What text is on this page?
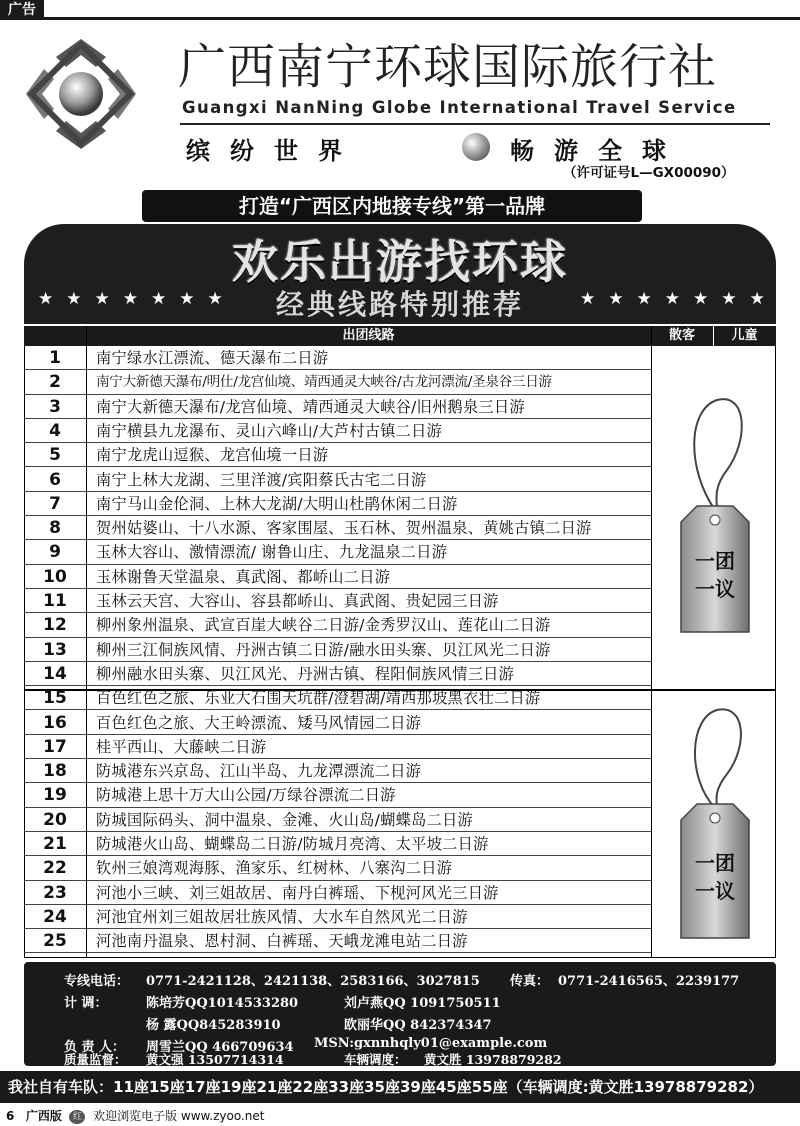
广告
广西南宁环球国际旅行社
Guangxi NanNing Globe International Travel Service
缤纷世界	畅游全球
（许可证号L—GX00090）
打造“广西区内地接专线”第一品牌
欢乐出游找环球
★★★★★★★	经典线路特别推荐	★★★★★★★
出团线路	散客	儿童
1	南宁绿水江漂流、德天瀑布二日游
2	南宁大新德天瀑布/明仕/龙宫仙境、靖西通灵大峡谷/古龙河漂流/圣泉谷三日游
3	南宁大新德天瀑布/龙宫仙境、靖西通灵大峡谷/旧州鹅泉三日游
4	南宁横县九龙瀑布、灵山六峰山/大芦村古镇二日游
5	南宁龙虎山逗猴、龙宫仙境一日游
6	南宁上林大龙湖、三里洋渡/宾阳蔡氏古宅二日游
7	南宁马山金伦洞、上林大龙湖/大明山杜鹃休闲二日游
8	贺州姑婆山、十八水源、客家围屋、玉石林、贺州温泉、黄姚古镇二日游
9	玉林大容山、激情漂流/ 谢鲁山庄、九龙温泉二日游
10	玉林谢鲁天堂温泉、真武阁、都峤山二日游
11	玉林云天宫、大容山、容县都峤山、真武阁、贵妃园三日游
12	柳州象州温泉、武宣百崖大峡谷二日游/金秀罗汉山、莲花山二日游
13	柳州三江侗族风情、丹洲古镇二日游/融水田头寨、贝江风光二日游
14	柳州融水田头寨、贝江风光、丹洲古镇、程阳侗族风情三日游
15	百色红色之旅、乐业大石围天坑群/澄碧湖/靖西那坡黑衣壮二日游
16	百色红色之旅、大王岭漂流、矮马风情园二日游
17	桂平西山、大藤峡二日游
18	防城港东兴京岛、江山半岛、九龙潭漂流二日游
19	防城港上思十万大山公园/万绿谷漂流二日游
20	防城国际码头、洞中温泉、金滩、火山岛/蝴蝶岛二日游
21	防城港火山岛、蝴蝶岛二日游/防城月亮湾、太平坡二日游
22	钦州三娘湾观海豚、渔家乐、红树林、八寨沟二日游
23	河池小三峡、刘三姐故居、南丹白裤瑶、下枧河风光三日游
24	河池宜州刘三姐故居壮族风情、大水车自然风光二日游
25	河池南丹温泉、恩村洞、白裤瑶、天峨龙滩电站二日游
一团
一议
一团
一议
专线电话： 0771-2421128、2421138、2583166、3027815 传真： 0771-2416565、2239177
计 调：	陈培芳QQ1014533280	刘卢燕QQ 1091750511
杨 露QQ845283910	欧丽华QQ 842374347
负 责 人： 周雪兰QQ 466709634 MSN:gxnnhqly01@example.com
质量监督： 黄文强 13507714314	车辆调度： 黄文胜 13978879282
我社自有车队：11座15座17座19座21座22座33座35座39座45座55座（车辆调度:黄文胜13978879282）
6 广西版 红 欢迎浏览电子版 www.zyoo.net
